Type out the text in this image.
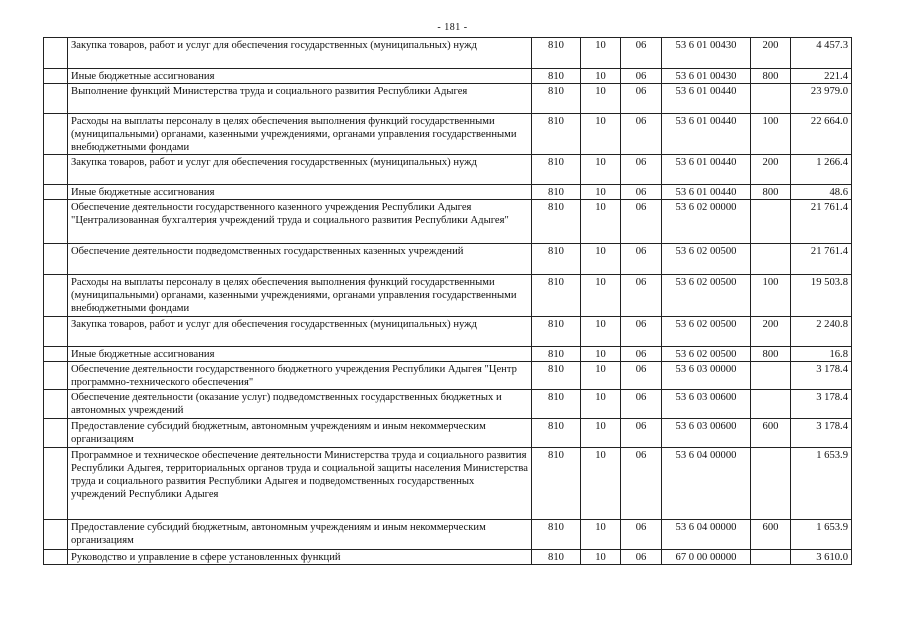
- 181 -
	Закупка товаров, работ и услуг для обеспечения государственных (муниципальных) нужд	810	10	06	53 6 01 00430	200	4 457.3
	Иные бюджетные ассигнования	810	10	06	53 6 01 00430	800	221.4
	Выполнение функций Министерства труда и социального развития Республики Адыгея	810	10	06	53 6 01 00440		23 979.0
	Расходы на выплаты персоналу в целях обеспечения выполнения функций государственными (муниципальными) органами, казенными учреждениями, органами управления государственными внебюджетными фондами	810	10	06	53 6 01 00440	100	22 664.0
	Закупка товаров, работ и услуг для обеспечения государственных (муниципальных) нужд	810	10	06	53 6 01 00440	200	1 266.4
	Иные бюджетные ассигнования	810	10	06	53 6 01 00440	800	48.6
	Обеспечение деятельности государственного казенного учреждения Республики Адыгея "Централизованная бухгалтерия учреждений труда и социального развития Республики Адыгея"	810	10	06	53 6 02 00000		21 761.4
	Обеспечение деятельности подведомственных государственных казенных учреждений	810	10	06	53 6 02 00500		21 761.4
	Расходы на выплаты персоналу в целях обеспечения выполнения функций государственными (муниципальными) органами, казенными учреждениями, органами управления государственными внебюджетными фондами	810	10	06	53 6 02 00500	100	19 503.8
	Закупка товаров, работ и услуг для обеспечения государственных (муниципальных) нужд	810	10	06	53 6 02 00500	200	2 240.8
	Иные бюджетные ассигнования	810	10	06	53 6 02 00500	800	16.8
	Обеспечение деятельности государственного бюджетного учреждения Республики Адыгея "Центр программно-технического обеспечения"	810	10	06	53 6 03 00000		3 178.4
	Обеспечение деятельности (оказание услуг) подведомственных государственных бюджетных и автономных учреждений	810	10	06	53 6 03 00600		3 178.4
	Предоставление субсидий бюджетным, автономным учреждениям и иным некоммерческим организациям	810	10	06	53 6 03 00600	600	3 178.4
	Программное и техническое обеспечение деятельности Министерства труда и социального развития Республики Адыгея, территориальных органов труда и социальной защиты населения Министерства труда и социального развития Республики Адыгея и подведомственных государственных учреждений Республики Адыгея	810	10	06	53 6 04 00000		1 653.9
	Предоставление субсидий бюджетным, автономным учреждениям и иным некоммерческим организациям	810	10	06	53 6 04 00000	600	1 653.9
	Руководство и управление в сфере установленных функций	810	10	06	67 0 00 00000		3 610.0
